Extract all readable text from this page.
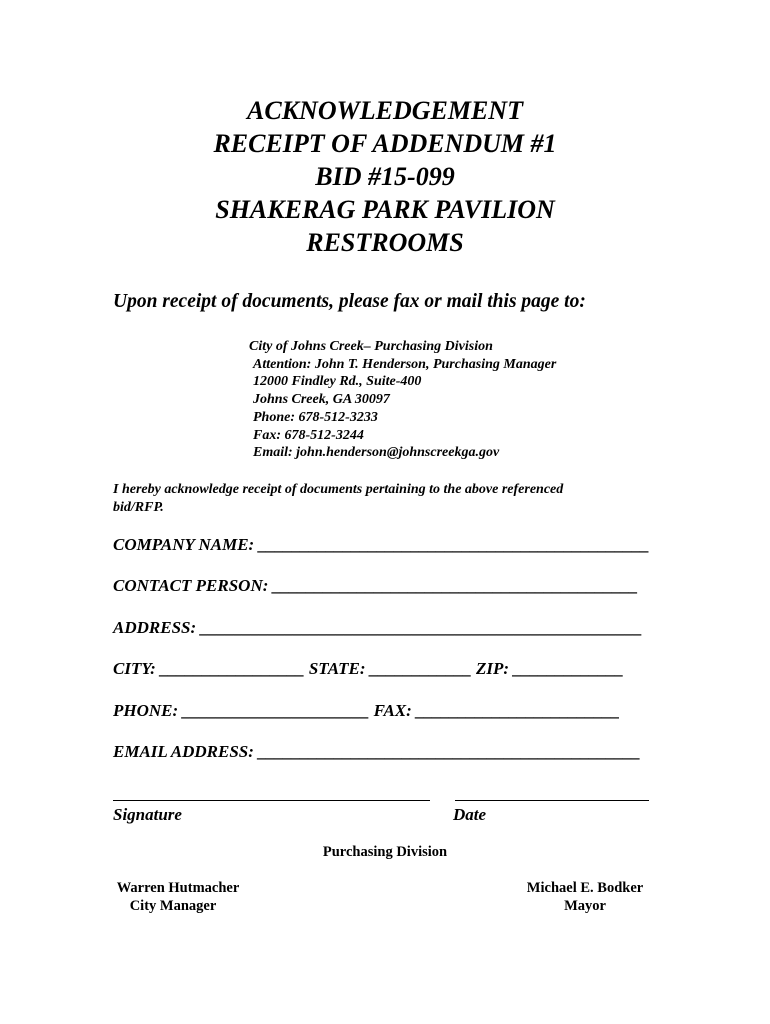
ACKNOWLEDGEMENT

RECEIPT OF ADDENDUM #1

BID #15-099

SHAKERAG PARK PAVILION

RESTROOMS

Upon receipt of documents, please fax or mail this page to:

City of Johns Creek– Purchasing Division

Attention: John T. Henderson, Purchasing Manager

12000 Findley Rd., Suite-400

Johns Creek, GA 30097

Phone: 678-512-3233

Fax: 678-512-3244

Email: john.henderson@johnscreekga.gov

I hereby acknowledge receipt of documents pertaining to the above referenced bid/RFP.

COMPANY NAME: ______________________________________________

CONTACT PERSON: ___________________________________________

ADDRESS: ____________________________________________________

CITY: _________________ STATE: ____________ ZIP: _____________

PHONE: ______________________ FAX: ________________________

EMAIL ADDRESS: _____________________________________________

Signature	Date

Purchasing Division

Warren Hutmacher

City Manager

Michael E. Bodker

Mayor
